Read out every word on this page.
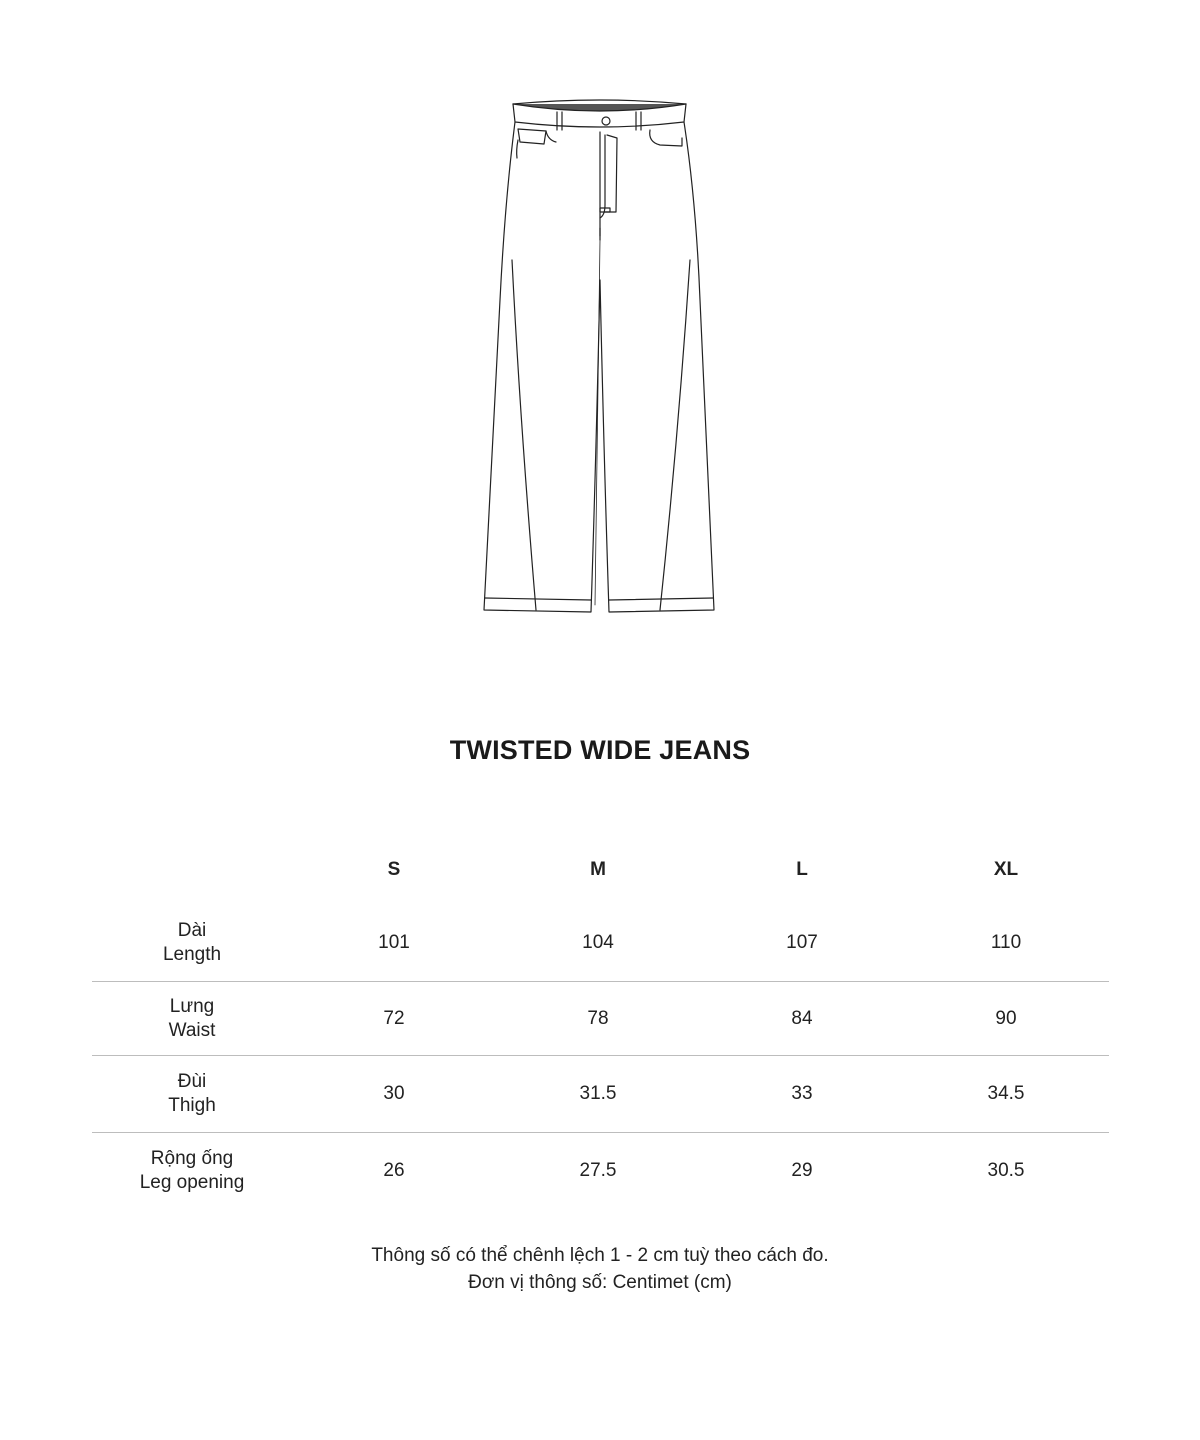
TWISTED WIDE JEANS
S	M	L	XL
Dài
Length
101	104	107	110
Lưng
Waist
72	78	84	90
Đùi
Thigh
30	31.5	33	34.5
Rộng ống
Leg opening
26	27.5	29	30.5
Thông số có thể chênh lệch 1 - 2 cm tuỳ theo cách đo.
Đơn vị thông số: Centimet (cm)
